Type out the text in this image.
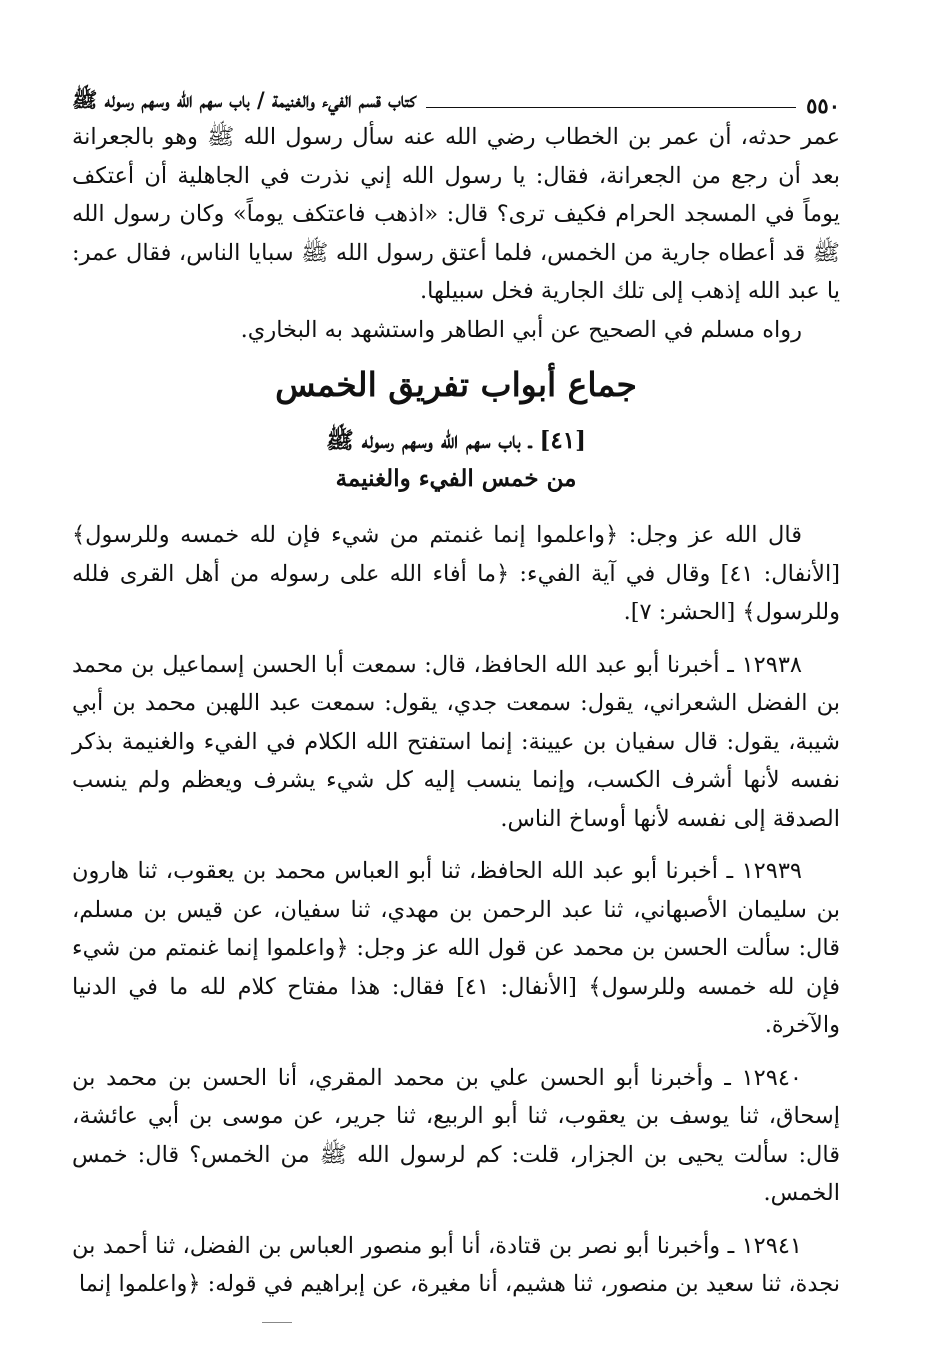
٥٥٠
كتاب قسم الفيء والغنيمة / باب سهم الله وسهم رسوله ﷺ

عمر حدثه، أن عمر بن الخطاب رضي الله عنه سأل رسول الله ﷺ وهو بالجعرانة بعد أن رجع من الجعرانة، فقال: يا رسول الله إني نذرت في الجاهلية أن أعتكف يوماً في المسجد الحرام فكيف ترى؟ قال: «اذهب فاعتكف يوماً» وكان رسول الله ﷺ قد أعطاه جارية من الخمس، فلما أعتق رسول الله ﷺ سبايا الناس، فقال عمر: يا عبد الله إذهب إلى تلك الجارية فخل سبيلها.

رواه مسلم في الصحيح عن أبي الطاهر واستشهد به البخاري.

جماع أبواب تفريق الخمس
[٤١] ـ باب سهم الله وسهم رسوله ﷺ
من خمس الفيء والغنيمة

قال الله عز وجل: ﴿واعلموا إنما غنمتم من شيء فإن لله خمسه وللرسول﴾ [الأنفال: ٤١] وقال في آية الفيء: ﴿ما أفاء الله على رسوله من أهل القرى فلله وللرسول﴾ [الحشر: ٧].

١٢٩٣٨ ـ أخبرنا أبو عبد الله الحافظ، قال: سمعت أبا الحسن إسماعيل بن محمد بن الفضل الشعراني، يقول: سمعت جدي، يقول: سمعت عبد اللهبن محمد بن أبي شيبة، يقول: قال سفيان بن عيينة: إنما استفتح الله الكلام في الفيء والغنيمة بذكر نفسه لأنها أشرف الكسب، وإنما ينسب إليه كل شيء يشرف ويعظم ولم ينسب الصدقة إلى نفسه لأنها أوساخ الناس.

١٢٩٣٩ ـ أخبرنا أبو عبد الله الحافظ، ثنا أبو العباس محمد بن يعقوب، ثنا هارون بن سليمان الأصبهاني، ثنا عبد الرحمن بن مهدي، ثنا سفيان، عن قيس بن مسلم، قال: سألت الحسن بن محمد عن قول الله عز وجل: ﴿واعلموا إنما غنمتم من شيء فإن لله خمسه وللرسول﴾ [الأنفال: ٤١] فقال: هذا مفتاح كلام لله ما في الدنيا والآخرة.

١٢٩٤٠ ـ وأخبرنا أبو الحسن علي بن محمد المقري، أنا الحسن بن محمد بن إسحاق، ثنا يوسف بن يعقوب، ثنا أبو الربيع، ثنا جرير، عن موسى بن أبي عائشة، قال: سألت يحيى بن الجزار، قلت: كم لرسول الله ﷺ من الخمس؟ قال: خمس الخمس.

١٢٩٤١ ـ وأخبرنا أبو نصر بن قتادة، أنا أبو منصور العباس بن الفضل، ثنا أحمد بن نجدة، ثنا سعيد بن منصور، ثنا هشيم، أنا مغيرة، عن إبراهيم في قوله: ﴿واعلموا إنما
